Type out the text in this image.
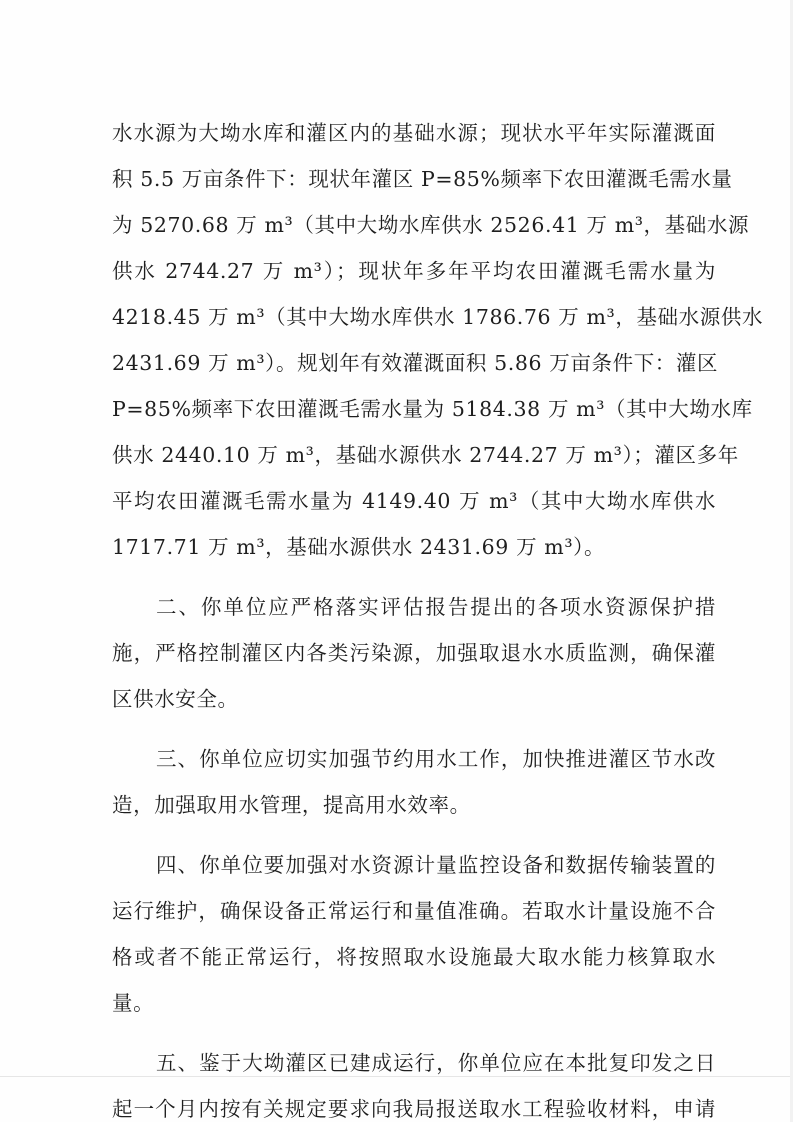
水水源为大坳水库和灌区内的基础水源；现状水平年实际灌溉面
积 5.5 万亩条件下：现状年灌区 P=85%频率下农田灌溉毛需水量
为 5270.68 万 m³（其中大坳水库供水 2526.41 万 m³，基础水源
供水 2744.27 万 m³）；现状年多年平均农田灌溉毛需水量为
4218.45 万 m³（其中大坳水库供水 1786.76 万 m³，基础水源供水
2431.69 万 m³）。规划年有效灌溉面积 5.86 万亩条件下：灌区
P=85%频率下农田灌溉毛需水量为 5184.38 万 m³（其中大坳水库
供水 2440.10 万 m³，基础水源供水 2744.27 万 m³）；灌区多年
平均农田灌溉毛需水量为 4149.40 万 m³（其中大坳水库供水
1717.71 万 m³，基础水源供水 2431.69 万 m³）。
二、你单位应严格落实评估报告提出的各项水资源保护措
施，严格控制灌区内各类污染源，加强取退水水质监测，确保灌
区供水安全。
三、你单位应切实加强节约用水工作，加快推进灌区节水改
造，加强取用水管理，提高用水效率。
四、你单位要加强对水资源计量监控设备和数据传输装置的
运行维护，确保设备正常运行和量值准确。若取水计量设施不合
格或者不能正常运行，将按照取水设施最大取水能力核算取水
量。
五、鉴于大坳灌区已建成运行，你单位应在本批复印发之日
起一个月内按有关规定要求向我局报送取水工程验收材料，申请
